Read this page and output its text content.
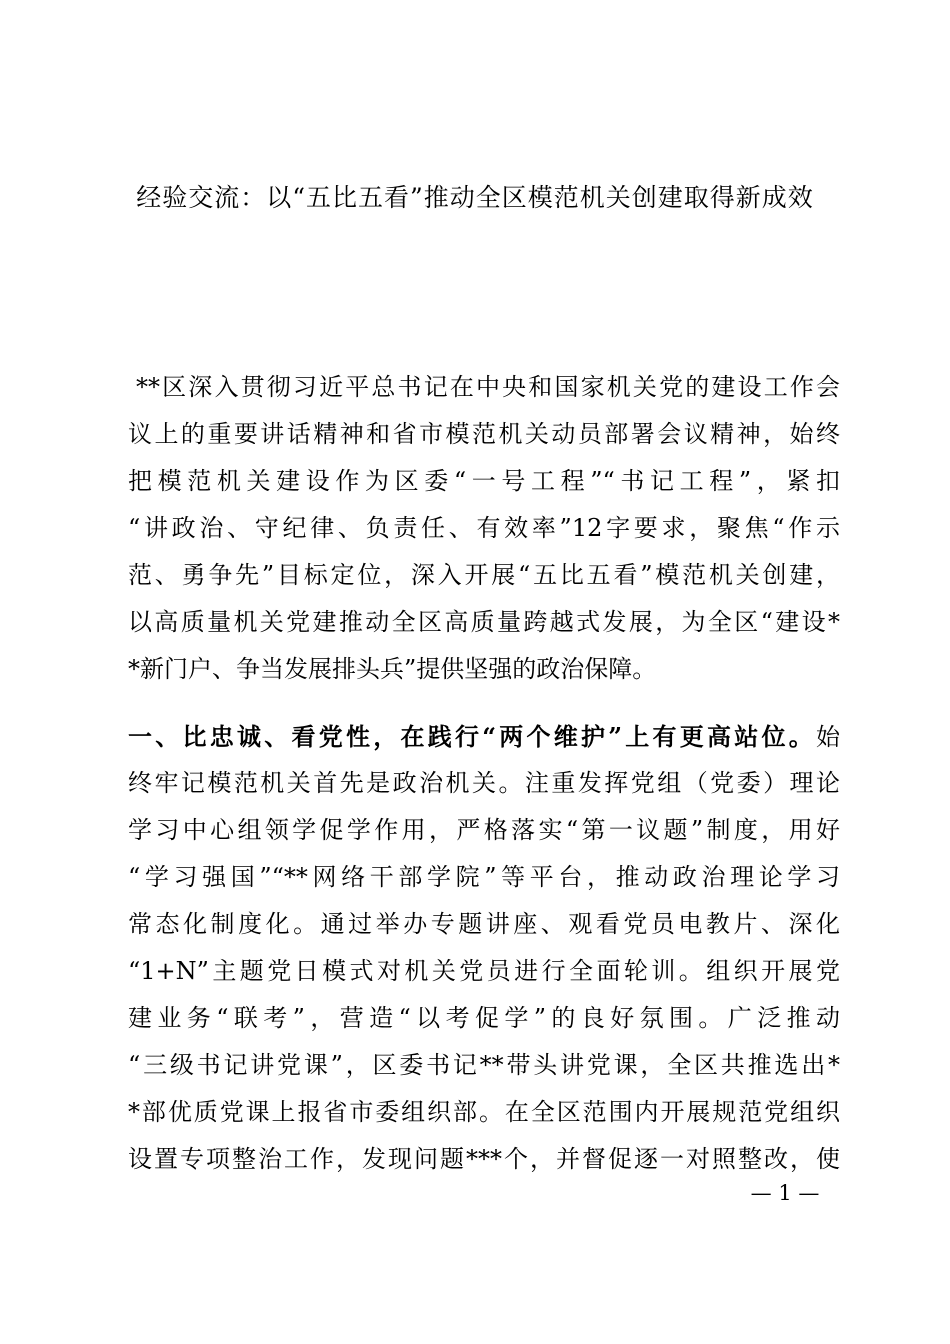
经验交流：以“五比五看”推动全区模范机关创建取得新成效
**区深入贯彻习近平总书记在中央和国家机关党的建设工作会
议上的重要讲话精神和省市模范机关动员部署会议精神，始终
把模范机关建设作为区委“一号工程”“书记工程”，紧扣
“讲政治、守纪律、负责任、有效率”12字要求，聚焦“作示
范、勇争先”目标定位，深入开展“五比五看”模范机关创建，
以高质量机关党建推动全区高质量跨越式发展，为全区“建设*
*新门户、争当发展排头兵”提供坚强的政治保障。
一、比忠诚、看党性，在践行“两个维护”上有更高站位。始
终牢记模范机关首先是政治机关。注重发挥党组（党委）理论
学习中心组领学促学作用，严格落实“第一议题”制度，用好
“学习强国”“**网络干部学院”等平台，推动政治理论学习
常态化制度化。通过举办专题讲座、观看党员电教片、深化
“1+N”主题党日模式对机关党员进行全面轮训。组织开展党
建业务“联考”，营造“以考促学”的良好氛围。广泛推动
“三级书记讲党课”，区委书记**带头讲党课，全区共推选出*
*部优质党课上报省市委组织部。在全区范围内开展规范党组织
设置专项整治工作，发现问题***个，并督促逐一对照整改，使
— 1 —
